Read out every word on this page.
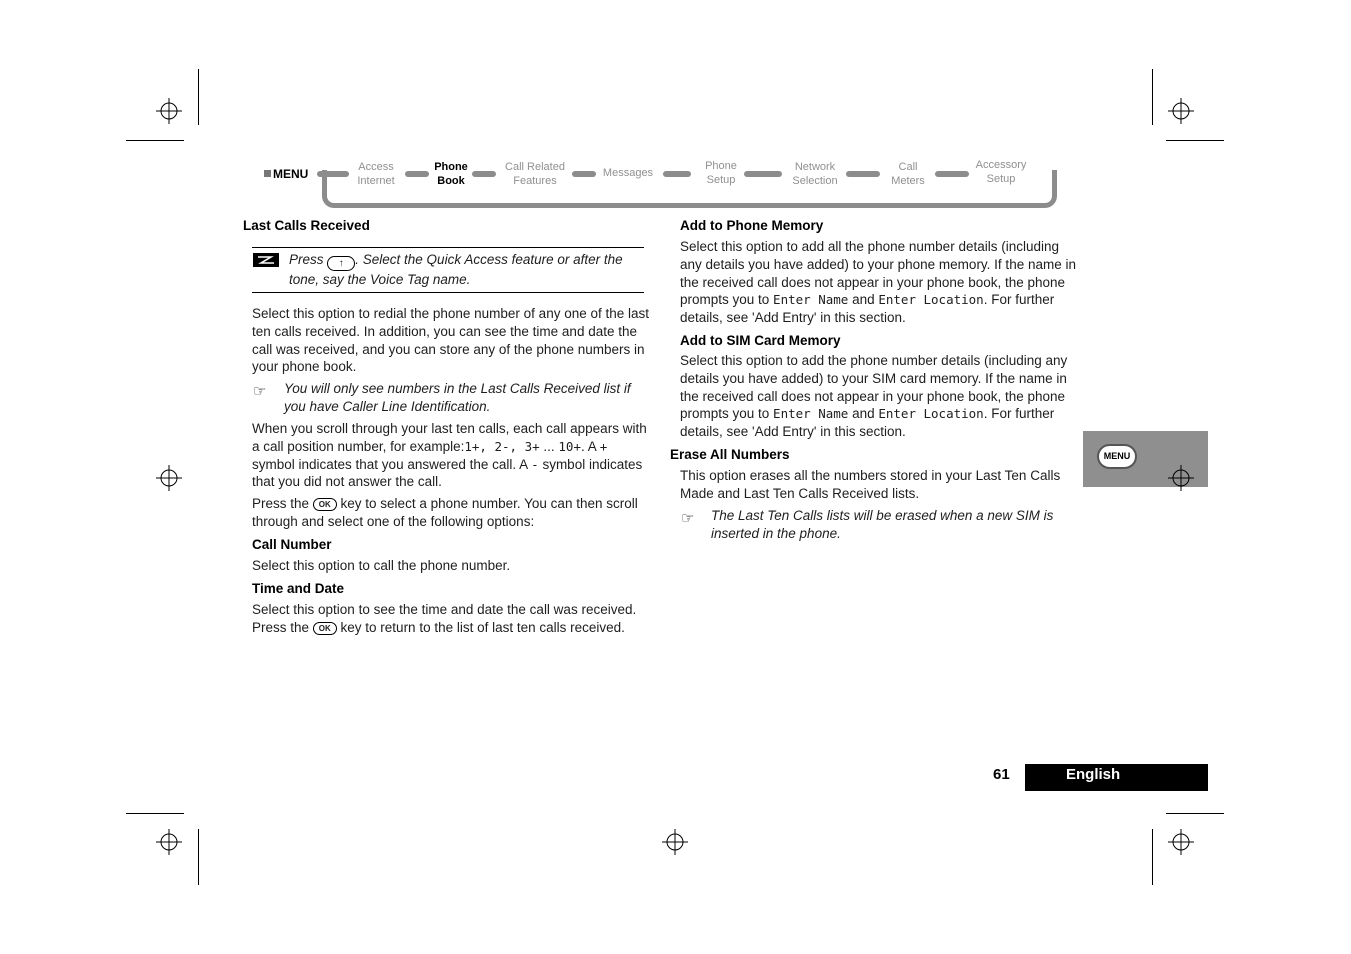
MENU	Access
Internet
Phone
Book
Call Related
Features
Messages
Phone
Setup
Network
Selection
Call
Meters
Accessory
Setup
Last Calls Received
Press ↑ . Select the Quick Access feature or after the tone, say the Voice Tag name.
Select this option to redial the phone number of any one of the last ten calls received. In addition, you can see the time and date the call was received, and you can store any of the phone numbers in your phone book.
☞ You will only see numbers in the Last Calls Received list if you have Caller Line Identification.
When you scroll through your last ten calls, each call appears with a call position number, for example:1+, 2-, 3+ ... 10+. A + symbol indicates that you answered the call. A - symbol indicates that you did not answer the call.
Press the OK key to select a phone number. You can then scroll through and select one of the following options:
Call Number
Select this option to call the phone number.
Time and Date
Select this option to see the time and date the call was received. Press the OK key to return to the list of last ten calls received.
Add to Phone Memory
Select this option to add all the phone number details (including any details you have added) to your phone memory. If the name in the received call does not appear in your phone book, the phone prompts you to Enter Name and Enter Location. For further details, see 'Add Entry' in this section.
Add to SIM Card Memory
Select this option to add the phone number details (including any details you have added) to your SIM card memory. If the name in the received call does not appear in your phone book, the phone prompts you to Enter Name and Enter Location. For further details, see 'Add Entry' in this section.
Erase All Numbers
This option erases all the numbers stored in your Last Ten Calls Made and Last Ten Calls Received lists.
☞ The Last Ten Calls lists will be erased when a new SIM is inserted in the phone.
MENU
61	English
